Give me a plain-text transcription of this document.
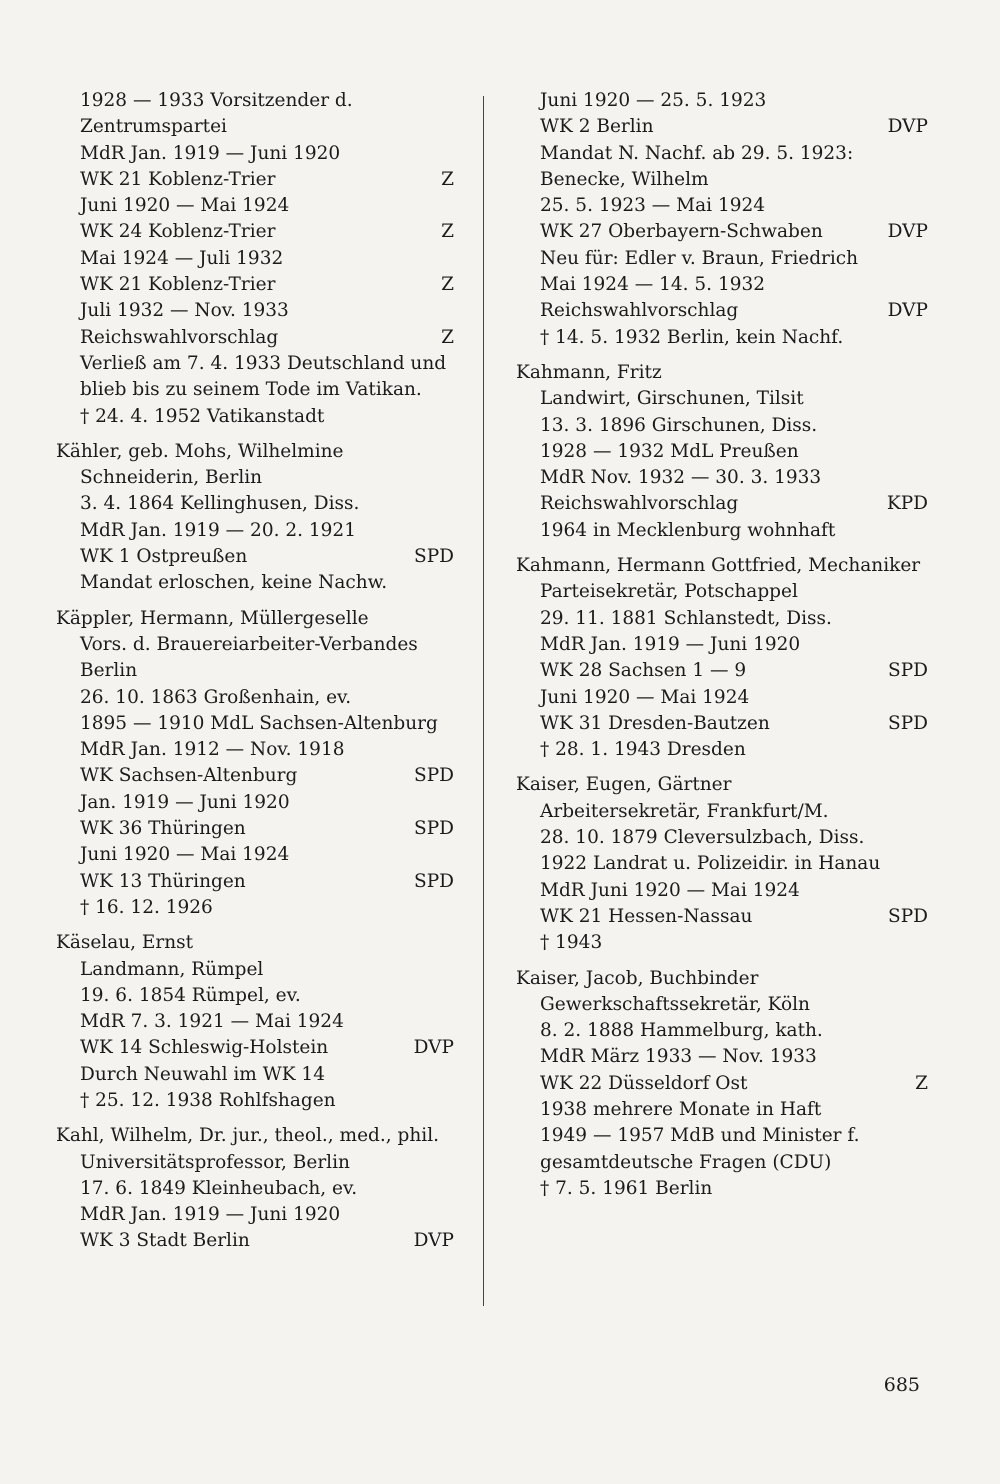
1928 — 1933 Vorsitzender d.
Zentrumspartei
MdR Jan. 1919 — Juni 1920
WK 21 Koblenz-Trier	Z
Juni 1920 — Mai 1924
WK 24 Koblenz-Trier	Z
Mai 1924 — Juli 1932
WK 21 Koblenz-Trier	Z
Juli 1932 — Nov. 1933
Reichswahlvorschlag	Z
Verließ am 7. 4. 1933 Deutschland und
blieb bis zu seinem Tode im Vatikan.
† 24. 4. 1952 Vatikanstadt
Kähler, geb. Mohs, Wilhelmine
Schneiderin, Berlin
3. 4. 1864 Kellinghusen, Diss.
MdR Jan. 1919 — 20. 2. 1921
WK 1 Ostpreußen	SPD
Mandat erloschen, keine Nachw.
Käppler, Hermann, Müllergeselle
Vors. d. Brauereiarbeiter-Verbandes
Berlin
26. 10. 1863 Großenhain, ev.
1895 — 1910 MdL Sachsen-Altenburg
MdR Jan. 1912 — Nov. 1918
WK Sachsen-Altenburg	SPD
Jan. 1919 — Juni 1920
WK 36 Thüringen	SPD
Juni 1920 — Mai 1924
WK 13 Thüringen	SPD
† 16. 12. 1926
Käselau, Ernst
Landmann, Rümpel
19. 6. 1854 Rümpel, ev.
MdR 7. 3. 1921 — Mai 1924
WK 14 Schleswig-Holstein	DVP
Durch Neuwahl im WK 14
† 25. 12. 1938 Rohlfshagen
Kahl, Wilhelm, Dr. jur., theol., med., phil.
Universitätsprofessor, Berlin
17. 6. 1849 Kleinheubach, ev.
MdR Jan. 1919 — Juni 1920
WK 3 Stadt Berlin	DVP
Juni 1920 — 25. 5. 1923
WK 2 Berlin	DVP
Mandat N. Nachf. ab 29. 5. 1923:
Benecke, Wilhelm
25. 5. 1923 — Mai 1924
WK 27 Oberbayern-Schwaben	DVP
Neu für: Edler v. Braun, Friedrich
Mai 1924 — 14. 5. 1932
Reichswahlvorschlag	DVP
† 14. 5. 1932 Berlin, kein Nachf.
Kahmann, Fritz
Landwirt, Girschunen, Tilsit
13. 3. 1896 Girschunen, Diss.
1928 — 1932 MdL Preußen
MdR Nov. 1932 — 30. 3. 1933
Reichswahlvorschlag	KPD
1964 in Mecklenburg wohnhaft
Kahmann, Hermann Gottfried, Mechaniker
Parteisekretär, Potschappel
29. 11. 1881 Schlanstedt, Diss.
MdR Jan. 1919 — Juni 1920
WK 28 Sachsen 1 — 9	SPD
Juni 1920 — Mai 1924
WK 31 Dresden-Bautzen	SPD
† 28. 1. 1943 Dresden
Kaiser, Eugen, Gärtner
Arbeitersekretär, Frankfurt/M.
28. 10. 1879 Cleversulzbach, Diss.
1922 Landrat u. Polizeidir. in Hanau
MdR Juni 1920 — Mai 1924
WK 21 Hessen-Nassau	SPD
† 1943
Kaiser, Jacob, Buchbinder
Gewerkschaftssekretär, Köln
8. 2. 1888 Hammelburg, kath.
MdR März 1933 — Nov. 1933
WK 22 Düsseldorf Ost	Z
1938 mehrere Monate in Haft
1949 — 1957 MdB und Minister f.
gesamtdeutsche Fragen (CDU)
† 7. 5. 1961 Berlin
685
